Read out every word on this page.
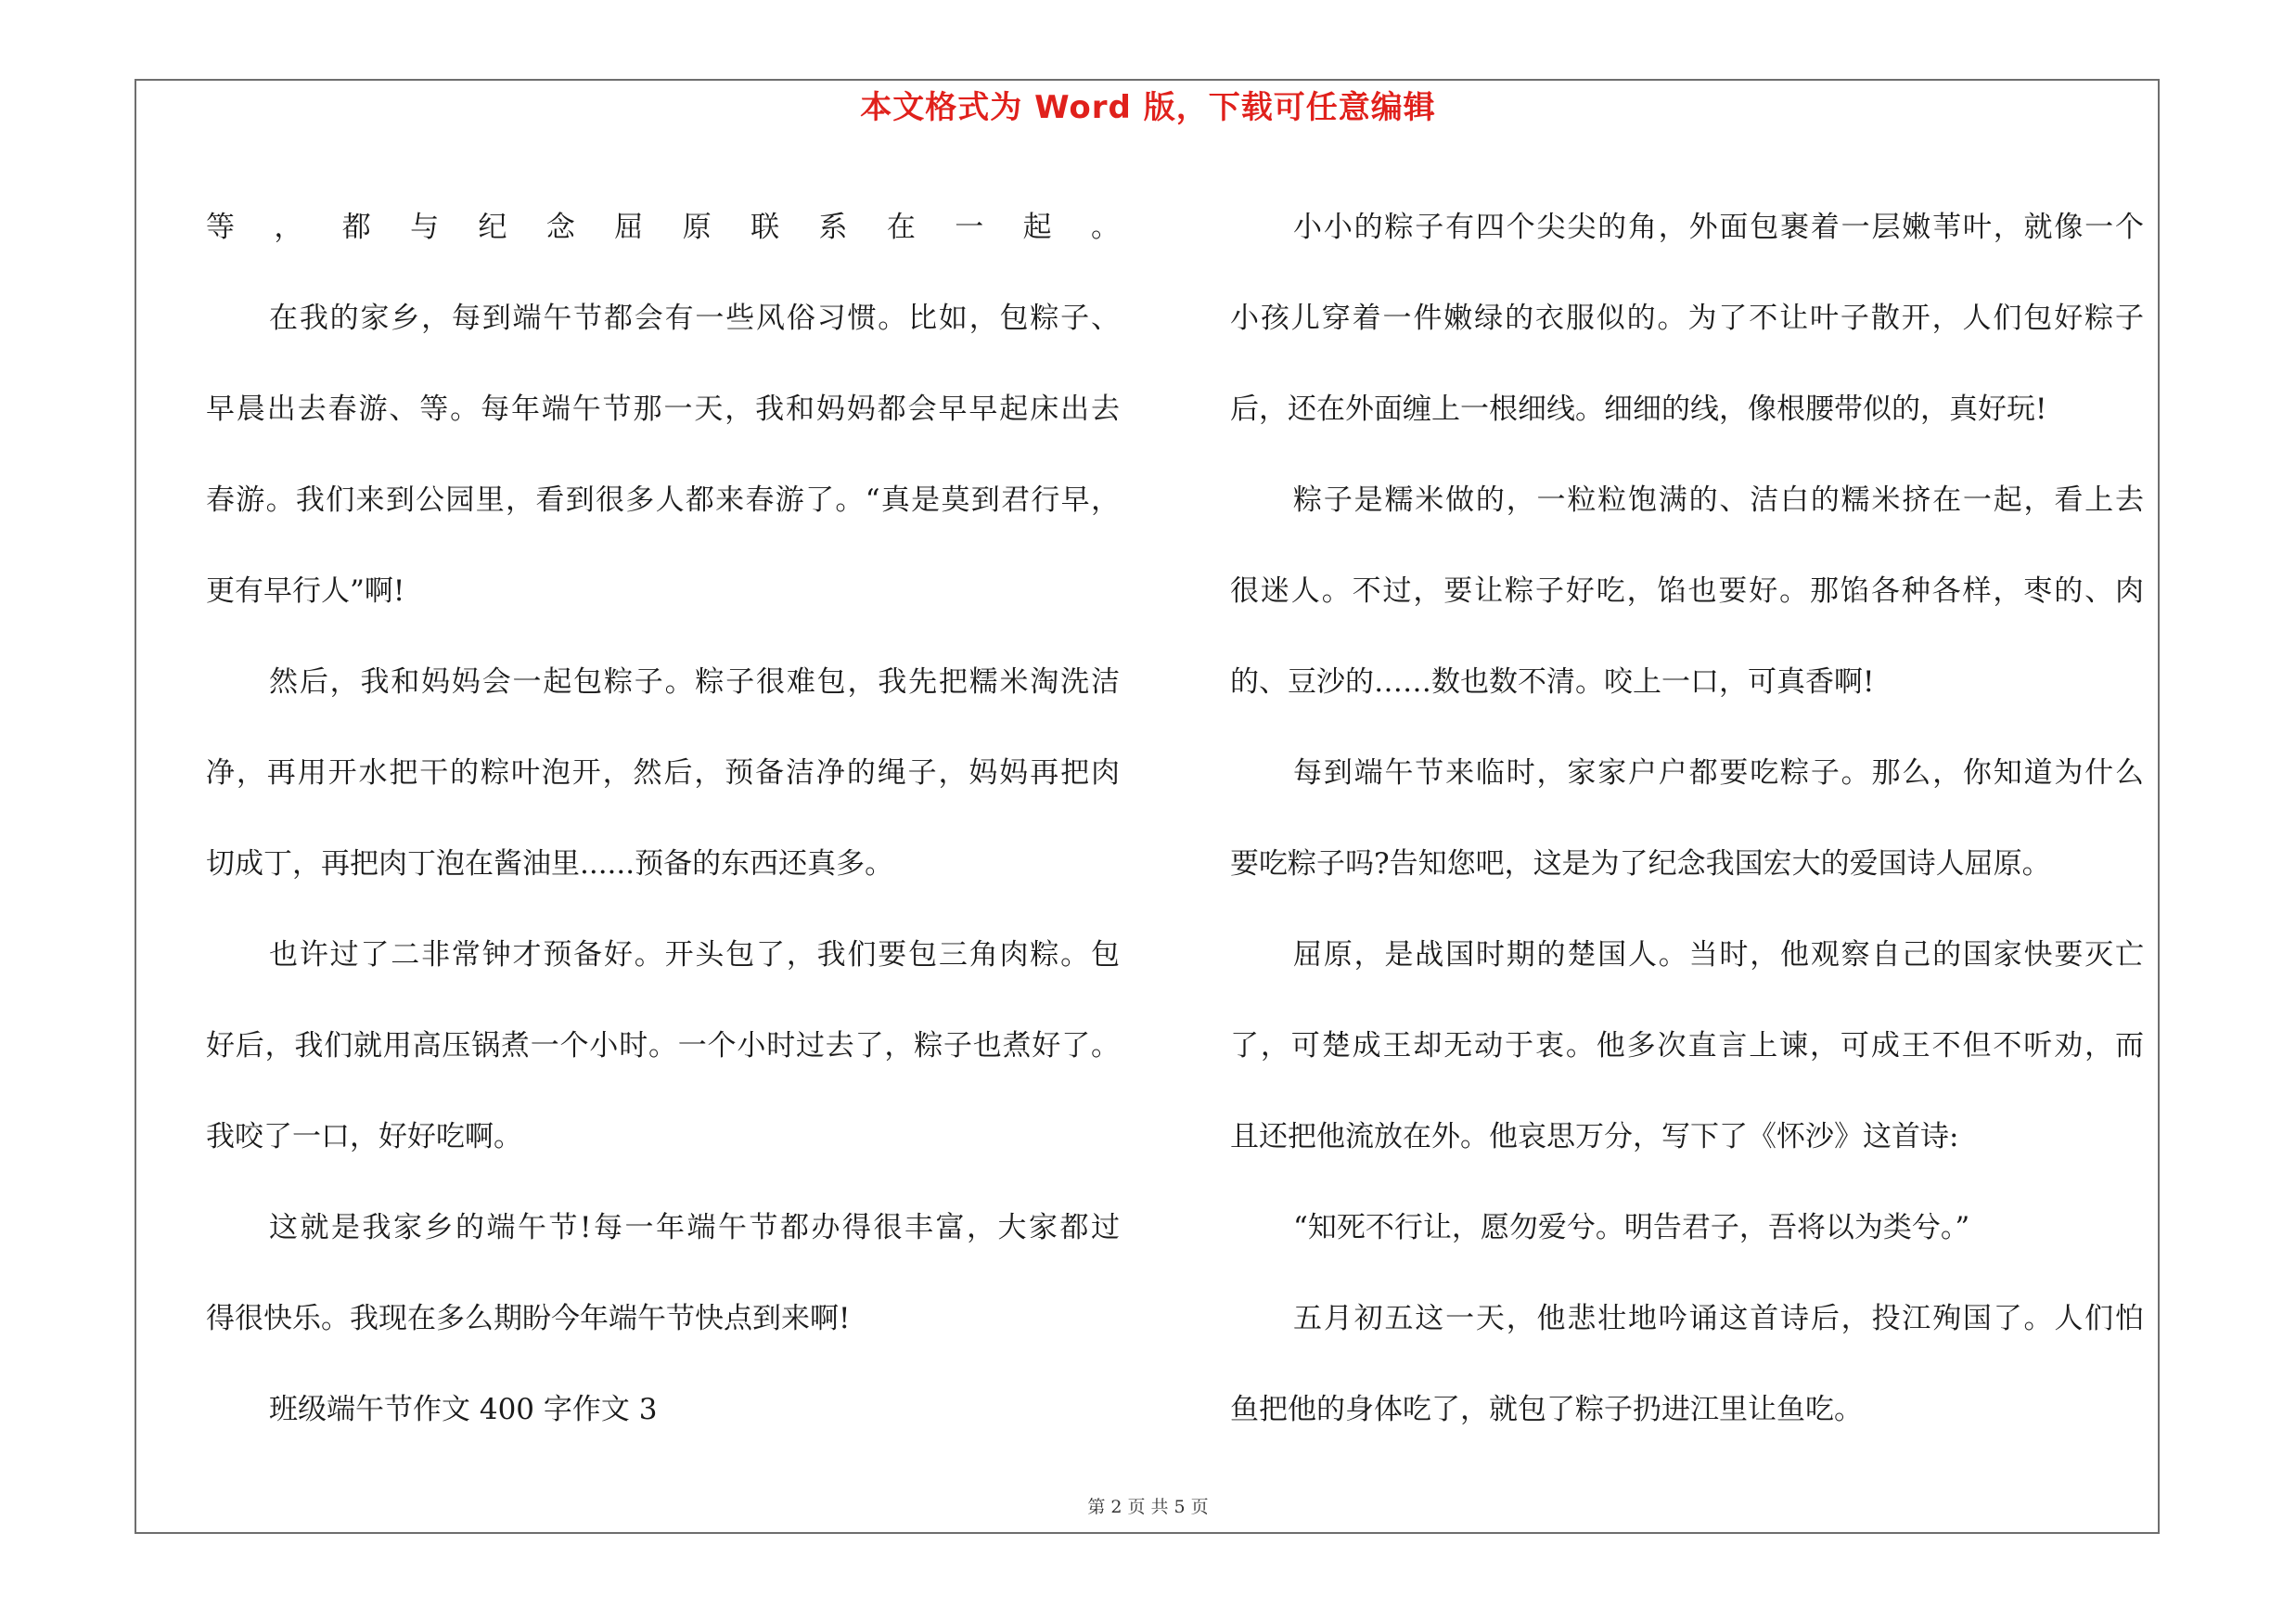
本文格式为 Word 版，下载可任意编辑

等，都与纪念屈原联系在一起。

在我的家乡，每到端午节都会有一些风俗习惯。比如，包粽子、

早晨出去春游、等。每年端午节那一天，我和妈妈都会早早起床出去

春游。我们来到公园里，看到很多人都来春游了。“真是莫到君行早，

更有早行人”啊!

然后，我和妈妈会一起包粽子。粽子很难包，我先把糯米淘洗洁

净，再用开水把干的粽叶泡开，然后，预备洁净的绳子，妈妈再把肉

切成丁，再把肉丁泡在酱油里......预备的东西还真多。

也许过了二非常钟才预备好。开头包了，我们要包三角肉粽。包

好后，我们就用高压锅煮一个小时。一个小时过去了，粽子也煮好了。

我咬了一口，好好吃啊。

这就是我家乡的端午节!每一年端午节都办得很丰富，大家都过

得很快乐。我现在多么期盼今年端午节快点到来啊!

班级端午节作文 400 字作文 3

小小的粽子有四个尖尖的角，外面包裹着一层嫩苇叶，就像一个

小孩儿穿着一件嫩绿的衣服似的。为了不让叶子散开，人们包好粽子

后，还在外面缠上一根细线。细细的线，像根腰带似的，真好玩!

粽子是糯米做的，一粒粒饱满的、洁白的糯米挤在一起，看上去

很迷人。不过，要让粽子好吃，馅也要好。那馅各种各样，枣的、肉

的、豆沙的……数也数不清。咬上一口，可真香啊!

每到端午节来临时，家家户户都要吃粽子。那么，你知道为什么

要吃粽子吗?告知您吧，这是为了纪念我国宏大的爱国诗人屈原。

屈原，是战国时期的楚国人。当时，他观察自己的国家快要灭亡

了，可楚成王却无动于衷。他多次直言上谏，可成王不但不听劝，而

且还把他流放在外。他哀思万分，写下了《怀沙》这首诗:

“知死不行让，愿勿爱兮。明告君子，吾将以为类兮。”

五月初五这一天，他悲壮地吟诵这首诗后，投江殉国了。人们怕

鱼把他的身体吃了，就包了粽子扔进江里让鱼吃。

第 2 页 共 5 页
